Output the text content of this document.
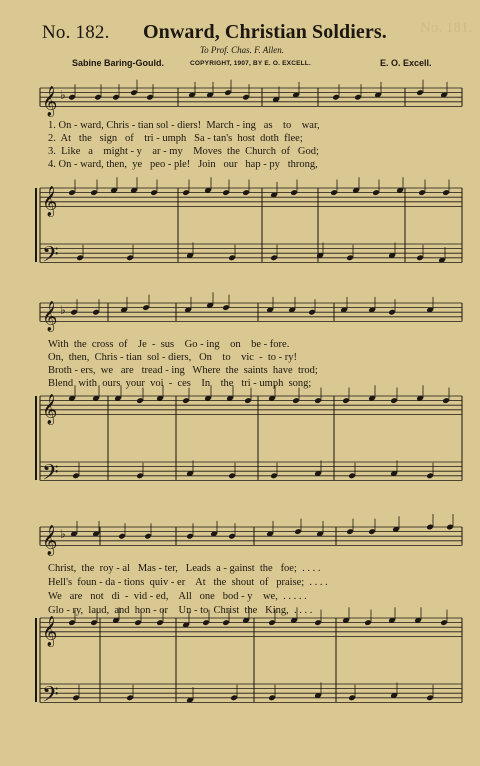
No. 182. Onward, Christian Soldiers. No. 181.
To Prof. Chas. F. Allen.
Sabine Baring-Gould.	COPYRIGHT, 1907, BY E. O. EXCELL.	E. O. Excell.
𝄞 ♭
𝄞
𝄢
𝄞 ♭
𝄞
𝄢
𝄞 ♭
𝄞
𝄢
1. On - ward, Chris - tian sol - diers!  March - ing   as    to    war,
2.  At   the   sign   of    tri - umph   Sa - tan's  host  doth  flee;
3.  Like   a    might - y    ar - my    Moves  the  Church  of   God;
4. On - ward, then,  ye   peo - ple!   Join   our   hap - py   throng,
With  the  cross  of    Je  -  sus    Go - ing    on    be - fore.
On,  then,  Chris - tian  sol - diers,   On    to    vic  -  to - ry!
Broth - ers,  we   are   tread - ing   Where  the  saints  have  trod;
Blend  with  ours  your  voi  -  ces    In    the   tri - umph  song;
Christ,  the  roy - al   Mas - ter,   Leads  a - gainst  the   foe;  . . . .
Hell's  foun - da - tions  quiv - er    At   the  shout  of   praise;  . . . .
We   are   not   di  -  vid - ed,    All   one   bod - y    we,  . . . . .
Glo - ry,  laud,  and  hon - or    Un - to  Christ  the   King,  . . . .
